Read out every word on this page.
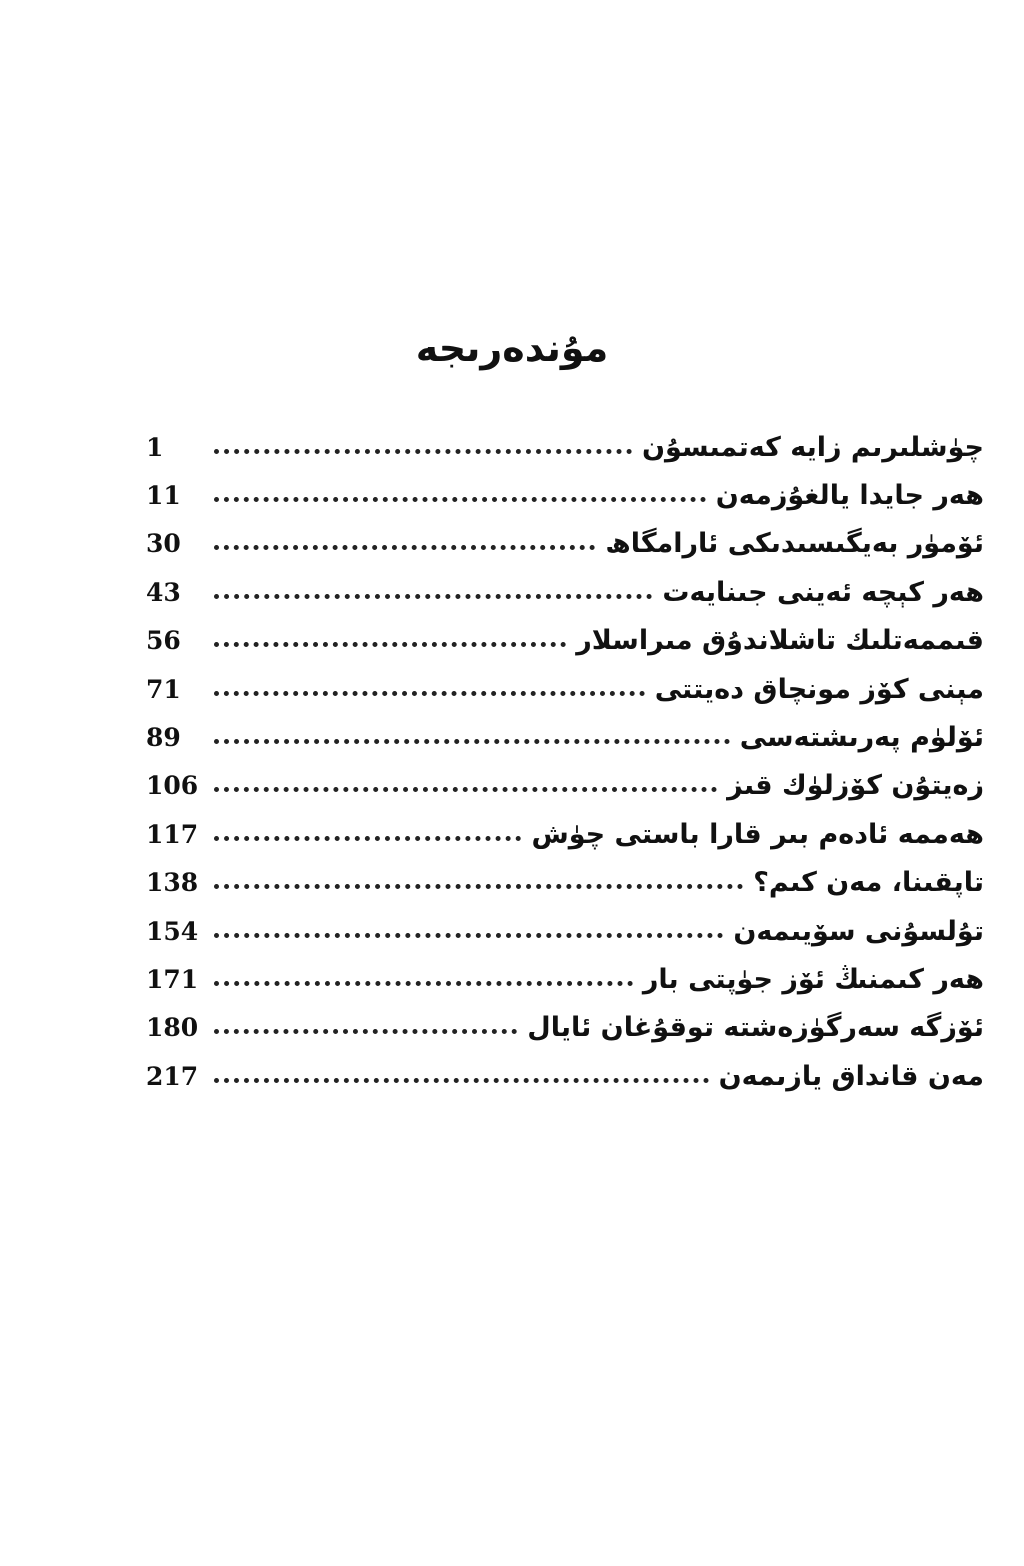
مۇندەرىجە
1	چۈشلىرىم زايە كەتمىسۇن
11	ھەر جايدا يالغۇزمەن
30	ئۆمۈر بەيگىسىدىكى ئارامگاھ
43	ھەر كېچە ئەينى جىنايەت
56	قىممەتلىك تاشلاندۇق مىراسلار
71	مېنى كۆز مونچاق دەيتتى
89	ئۆلۈم پەرىشتەسى
106	زەيتۇن كۆزلۈك قىز
117	ھەممە ئادەم بىر قارا باستى چۈش
138	تاپقىنا، مەن كىم؟
154	تۇلسۇنى سۆيىمەن
171	ھەر كىمنىڭ ئۆز جۈپتى بار
180	ئۆزگە سەرگۈزەشتە توقۇغان ئايال
217	مەن قانداق يازىمەن
